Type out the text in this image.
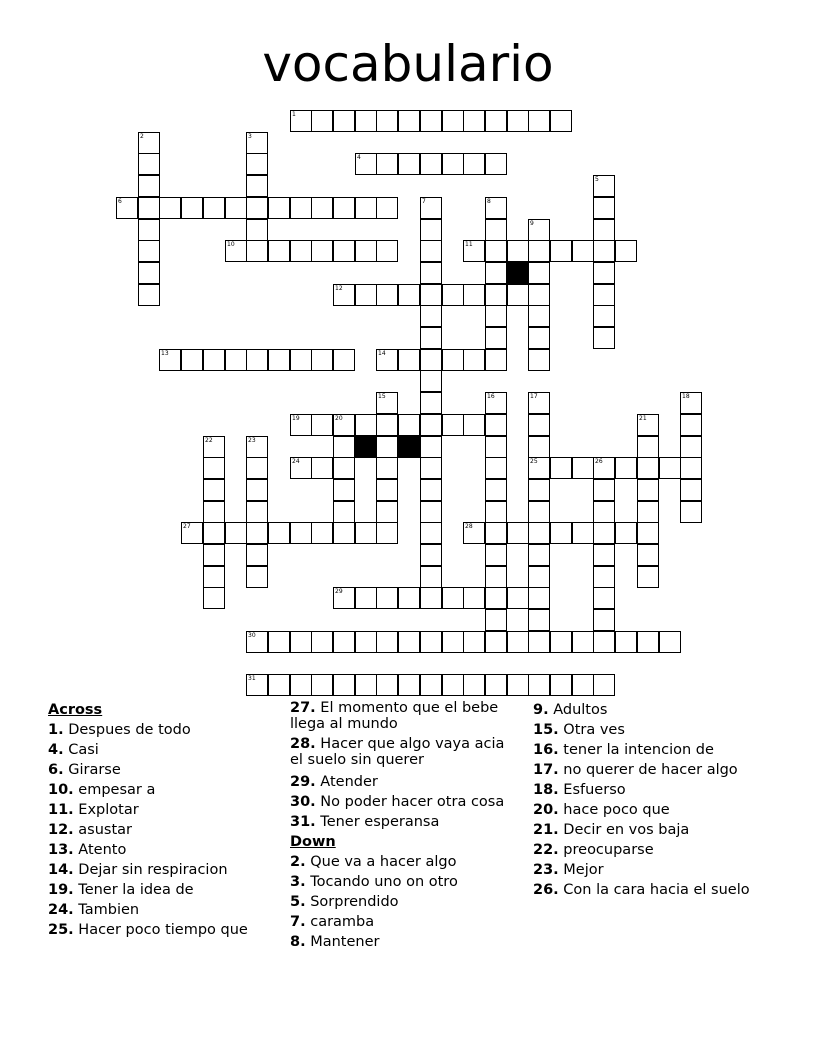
vocabulario
1
2	3
4
5
6	7	8
9
10	11
12
13	14
15	16	17
25
18
19	20	21
22	23
24	26
27	28
29
30
31
Across
1. Despues de todo
4. Casi
6. Girarse
10. empesar a
11. Explotar
12. asustar
13. Atento
14. Dejar sin respiracion
19. Tener la idea de
24. Tambien
25. Hacer poco tiempo que
27. El momento que el bebe llega al mundo
28. Hacer que algo vaya acia el suelo sin querer
29. Atender
30. No poder hacer otra cosa
31. Tener esperansa
Down
2. Que va a hacer algo
3. Tocando uno on otro
5. Sorprendido
7. caramba
8. Mantener
9. Adultos
15. Otra ves
16. tener la intencion de
17. no querer de hacer algo
18. Esfuerso
20. hace poco que
21. Decir en vos baja
22. preocuparse
23. Mejor
26. Con la cara hacia el suelo
